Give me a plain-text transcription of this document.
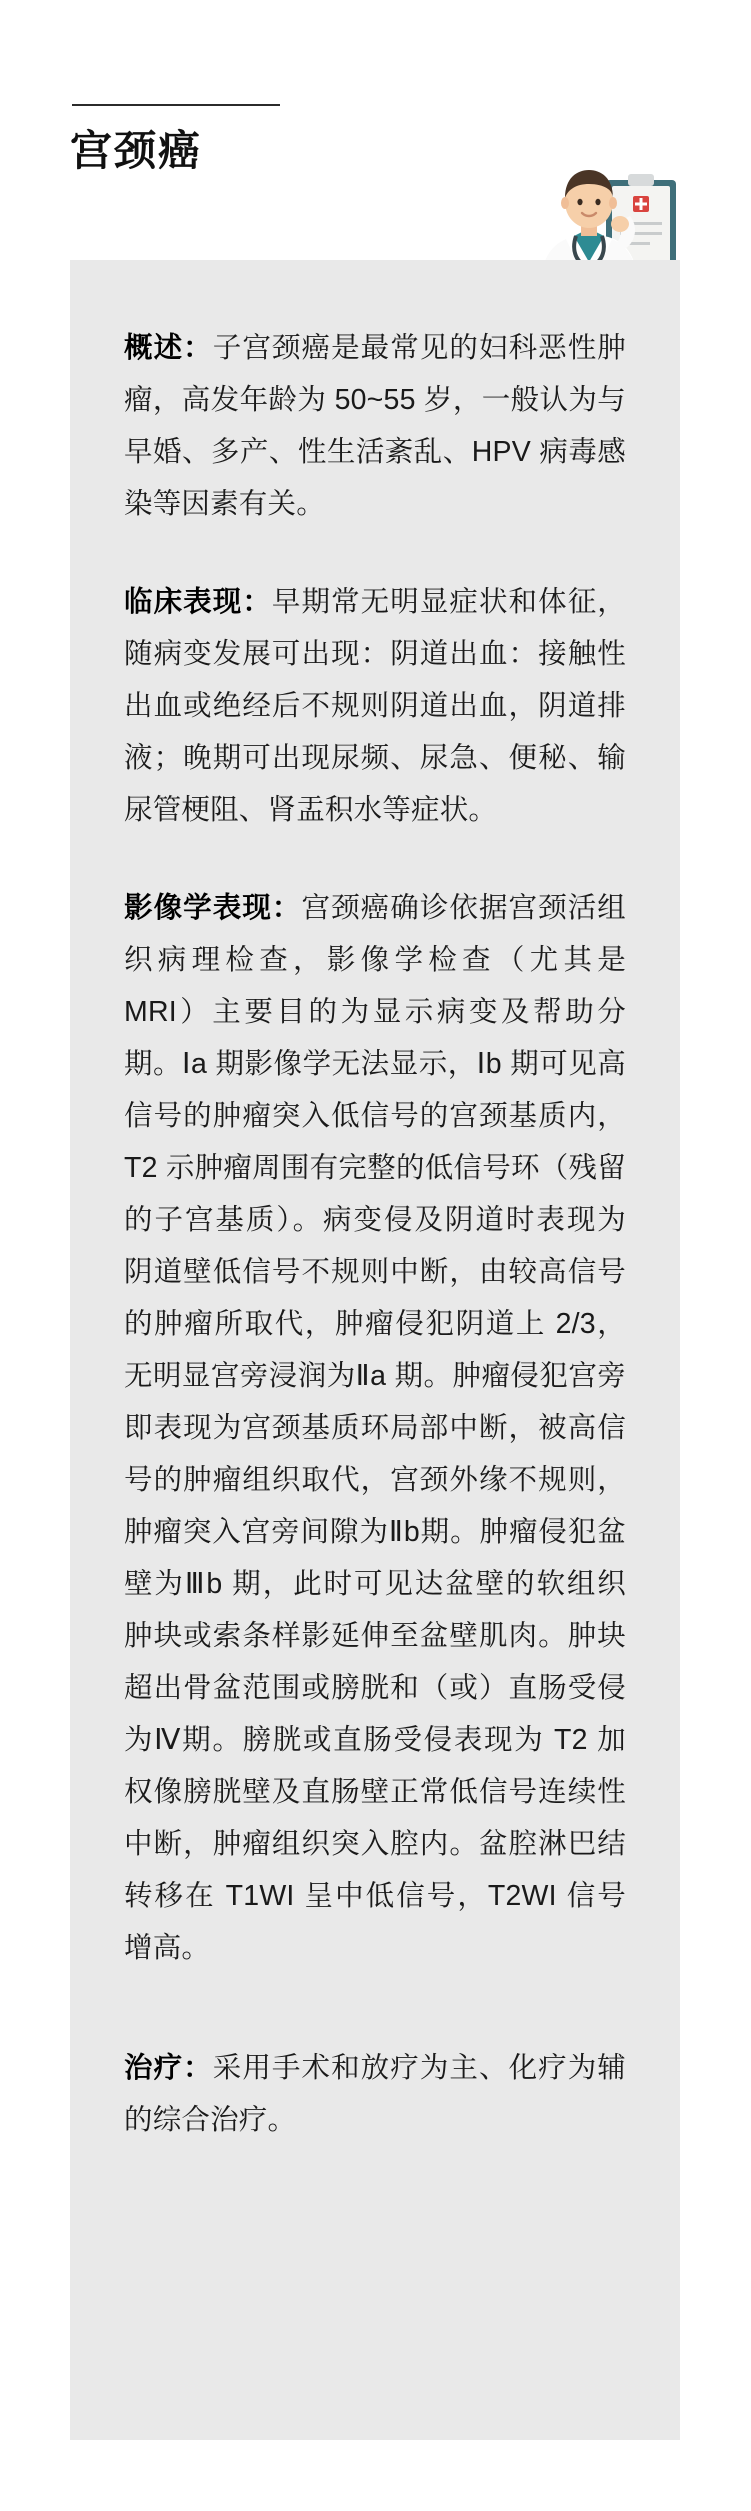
宫颈癌

概述：子宫颈癌是最常见的妇科恶性肿瘤，高发年龄为 50~55 岁，一般认为与早婚、多产、性生活紊乱、HPV 病毒感染等因素有关。

临床表现：早期常无明显症状和体征，随病变发展可出现：阴道出血：接触性出血或绝经后不规则阴道出血，阴道排液；晚期可出现尿频、尿急、便秘、输尿管梗阻、肾盂积水等症状。

影像学表现：宫颈癌确诊依据宫颈活组织病理检查，影像学检查（尤其是 MRI）主要目的为显示病变及帮助分期。Ⅰa 期影像学无法显示，Ⅰb 期可见高信号的肿瘤突入低信号的宫颈基质内，T2 示肿瘤周围有完整的低信号环（残留的子宫基质）。病变侵及阴道时表现为阴道壁低信号不规则中断，由较高信号的肿瘤所取代，肿瘤侵犯阴道上 2/3，无明显宫旁浸润为Ⅱa 期。肿瘤侵犯宫旁即表现为宫颈基质环局部中断，被高信号的肿瘤组织取代，宫颈外缘不规则，肿瘤突入宫旁间隙为Ⅱb期。肿瘤侵犯盆壁为Ⅲb 期，此时可见达盆壁的软组织肿块或索条样影延伸至盆壁肌肉。肿块超出骨盆范围或膀胱和（或）直肠受侵为Ⅳ期。膀胱或直肠受侵表现为 T2 加权像膀胱壁及直肠壁正常低信号连续性中断，肿瘤组织突入腔内。盆腔淋巴结转移在 T1WI 呈中低信号，T2WI 信号增高。

治疗：采用手术和放疗为主、化疗为辅的综合治疗。
